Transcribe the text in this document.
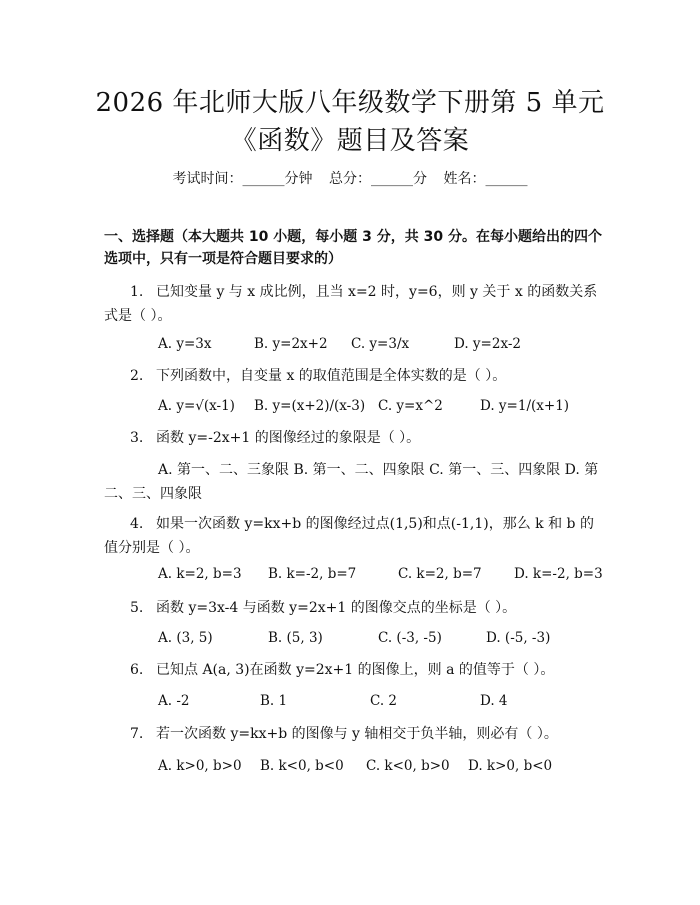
2026 年北师大版八年级数学下册第 5 单元
《函数》题目及答案
考试时间：______分钟 总分：______分 姓名：______
一、选择题（本大题共 10 小题，每小题 3 分，共 30 分。在每小题给出的四个选项中，只有一项是符合题目要求的）
1. 已知变量 y 与 x 成比例，且当 x=2 时，y=6，则 y 关于 x 的函数关系式是（ ）。
A. y=3x	B. y=2x+2 C. y=3/x	D. y=2x-2
2. 下列函数中，自变量 x 的取值范围是全体实数的是（ ）。
A. y=√(x-1) B. y=(x+2)/(x-3) C. y=x^2	D. y=1/(x+1)
3. 函数 y=-2x+1 的图像经过的象限是（ ）。
A. 第一、二、三象限 B. 第一、二、四象限 C. 第一、三、四象限 D. 第二、三、四象限
4. 如果一次函数 y=kx+b 的图像经过点(1,5)和点(-1,1)，那么 k 和 b 的值分别是（ ）。
A. k=2, b=3 B. k=-2, b=7	C. k=2, b=7 D. k=-2, b=3
5. 函数 y=3x-4 与函数 y=2x+1 的图像交点的坐标是（ ）。
A. (3, 5)	B. (5, 3)	C. (-3, -5)	D. (-5, -3)
6. 已知点 A(a, 3)在函数 y=2x+1 的图像上，则 a 的值等于（ ）。
A. -2	B. 1	C. 2	D. 4
7. 若一次函数 y=kx+b 的图像与 y 轴相交于负半轴，则必有（ ）。
A. k>0, b>0 B. k<0, b<0 C. k<0, b>0 D. k>0, b<0
